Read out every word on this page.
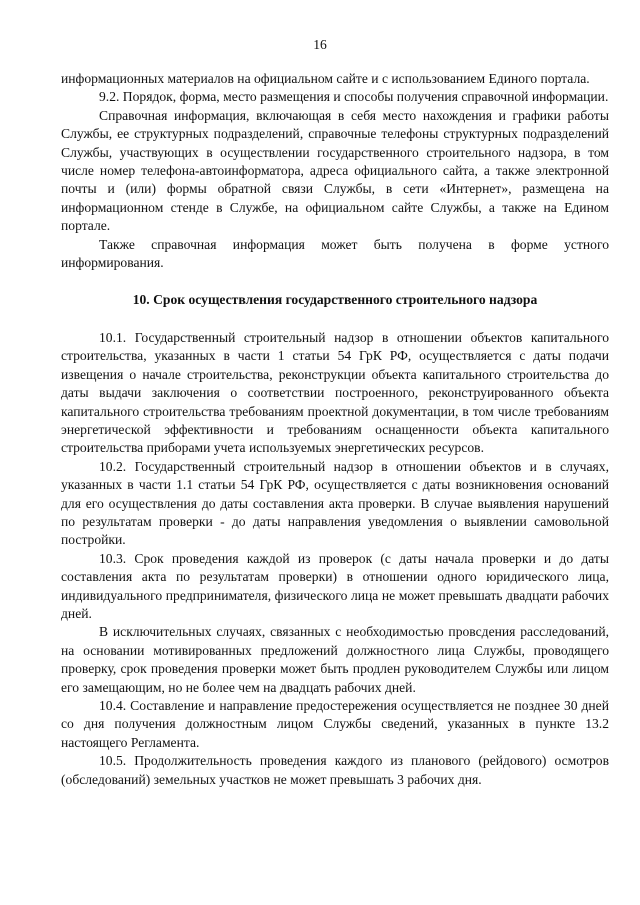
16

информационных материалов на официальном сайте и с использованием Единого портала.

9.2. Порядок, форма, место размещения и способы получения справочной информации.

Справочная информация, включающая в себя место нахождения и графики работы Службы, ее структурных подразделений, справочные телефоны структурных подразделений Службы, участвующих в осуществлении государственного строительного надзора, в том числе номер телефона-автоинформатора, адреса официального сайта, а также электронной почты и (или) формы обратной связи Службы, в сети «Интернет», размещена на информационном стенде в Службе, на официальном сайте Службы, а также на Едином портале.

Также справочная информация может быть получена в форме устного информирования.

10. Срок осуществления государственного строительного надзора

10.1. Государственный строительный надзор в отношении объектов капитального строительства, указанных в части 1 статьи 54 ГрК РФ, осуществляется с даты подачи извещения о начале строительства, реконструкции объекта капитального строительства до даты выдачи заключения о соответствии построенного, реконструированного объекта капитального строительства требованиям проектной документации, в том числе требованиям энергетической эффективности и требованиям оснащенности объекта капитального строительства приборами учета используемых энергетических ресурсов.

10.2. Государственный строительный надзор в отношении объектов и в случаях, указанных в части 1.1 статьи 54 ГрК РФ, осуществляется с даты возникновения оснований для его осуществления до даты составления акта проверки. В случае выявления нарушений по результатам проверки - до даты направления уведомления о выявлении самовольной постройки.

10.3. Срок проведения каждой из проверок (с даты начала проверки и до даты составления акта по результатам проверки) в отношении одного юридического лица, индивидуального предпринимателя, физического лица не может превышать двадцати рабочих дней.

В исключительных случаях, связанных с необходимостью провсдения расследований, на основании мотивированных предложений должностного лица Службы, проводящего проверку, срок проведения проверки может быть продлен руководителем Службы или лицом его замещающим, но не более чем на двадцать рабочих дней.

10.4. Составление и направление предостережения осуществляется не позднее 30 дней со дня получения должностным лицом Службы сведений, указанных в пункте 13.2 настоящего Регламента.

10.5. Продолжительность проведения каждого из планового (рейдового) осмотров (обследований) земельных участков не может превышать 3 рабочих дня.
